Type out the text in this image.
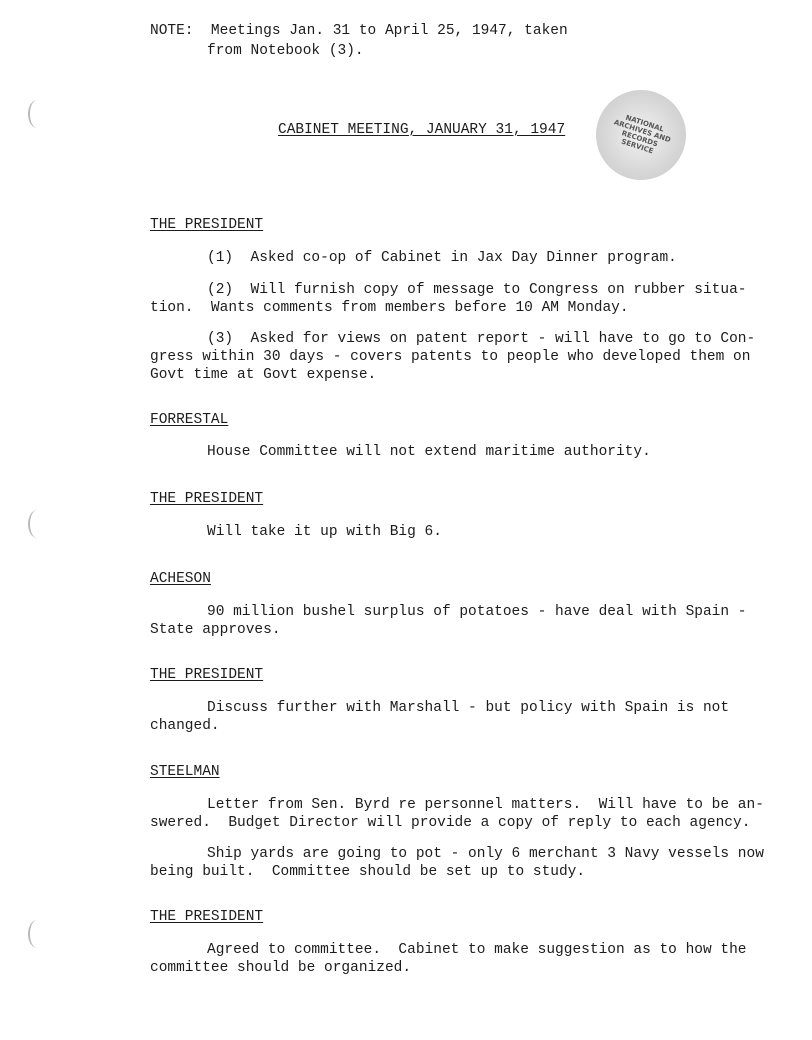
NOTE:  Meetings Jan. 31 to April 25, 1947, taken
from Notebook (3).
NATIONAL ARCHIVES AND RECORDS SERVICE
CABINET MEETING, JANUARY 31, 1947
THE PRESIDENT
(1)  Asked co-op of Cabinet in Jax Day Dinner program.
(2)  Will furnish copy of message to Congress on rubber situa-
tion.  Wants comments from members before 10 AM Monday.
(3)  Asked for views on patent report - will have to go to Con-
gress within 30 days - covers patents to people who developed them on
Govt time at Govt expense.
FORRESTAL
House Committee will not extend maritime authority.
THE PRESIDENT
Will take it up with Big 6.
ACHESON
90 million bushel surplus of potatoes - have deal with Spain -
State approves.
THE PRESIDENT
Discuss further with Marshall - but policy with Spain is not
changed.
STEELMAN
Letter from Sen. Byrd re personnel matters.  Will have to be an-
swered.  Budget Director will provide a copy of reply to each agency.
Ship yards are going to pot - only 6 merchant 3 Navy vessels now
being built.  Committee should be set up to study.
THE PRESIDENT
Agreed to committee.  Cabinet to make suggestion as to how the
committee should be organized.
